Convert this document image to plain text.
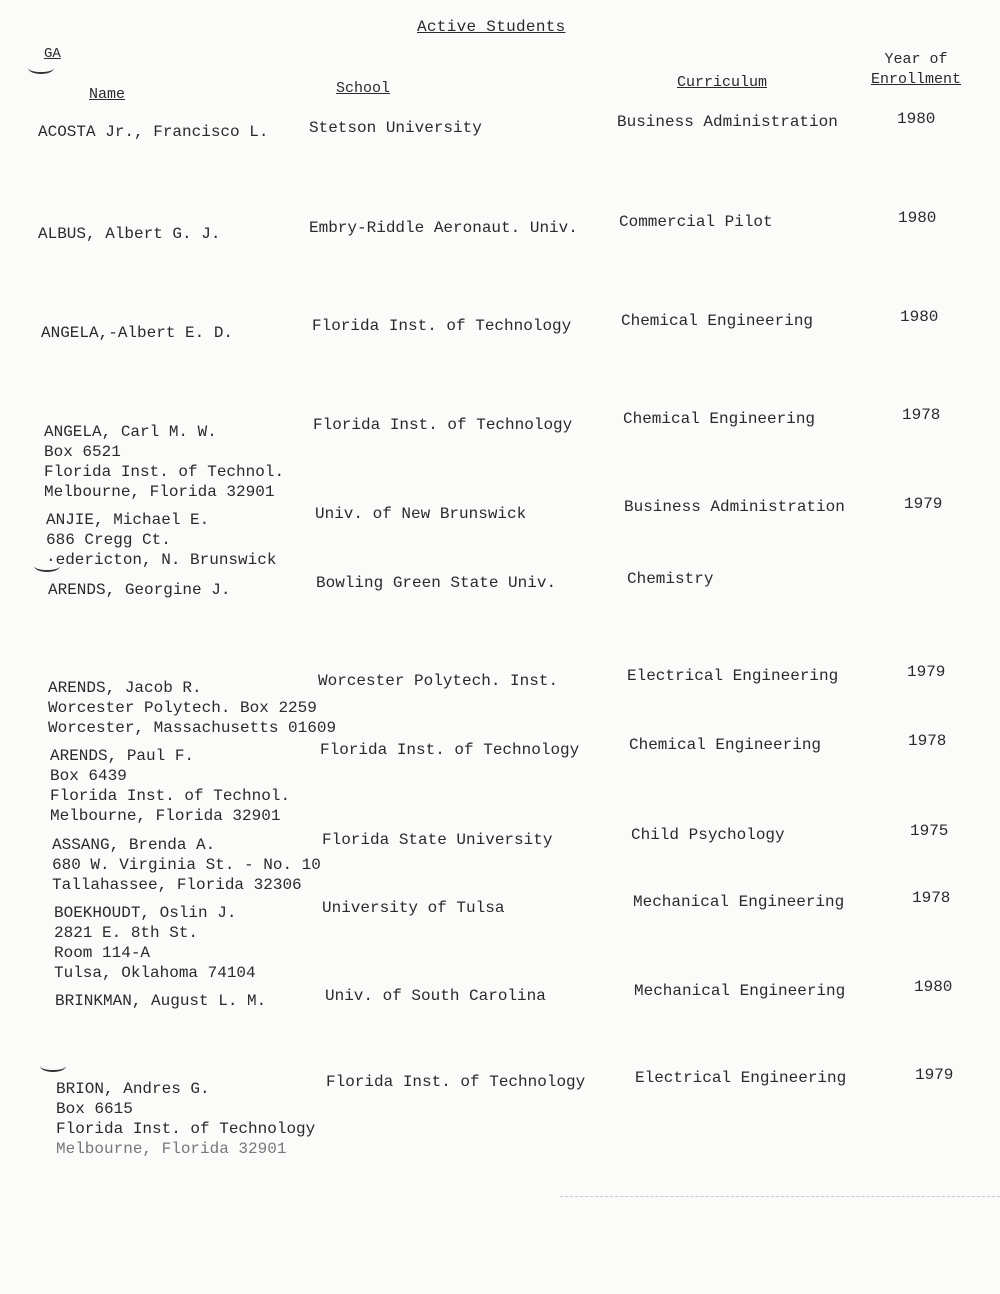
Active Students
GA
Name	School	Curriculum
Year of
Enrollment
ACOSTA Jr., Francisco L.	Stetson University	Business Administration	1980
ALBUS, Albert G. J.	Embry-Riddle Aeronaut. Univ.	Commercial Pilot	1980
ANGELA,-Albert E. D.	Florida Inst. of Technology	Chemical Engineering	1980
ANGELA, Carl M. W.
Box 6521
Florida Inst. of Technol.
Melbourne, Florida 32901
Florida Inst. of Technology	Chemical Engineering	1978
ANJIE, Michael E.
686 Cregg Ct.
·edericton, N. Brunswick
Univ. of New Brunswick	Business Administration	1979
ARENDS, Georgine J.	Bowling Green State Univ.	Chemistry
ARENDS, Jacob R.
Worcester Polytech. Box 2259
Worcester, Massachusetts 01609
Worcester Polytech. Inst.	Electrical Engineering	1979
ARENDS, Paul F.
Box 6439
Florida Inst. of Technol.
Melbourne, Florida 32901
Florida Inst. of Technology	Chemical Engineering	1978
ASSANG, Brenda A.
680 W. Virginia St. - No. 10
Tallahassee, Florida 32306
Florida State University	Child Psychology	1975
BOEKHOUDT, Oslin J.
2821 E. 8th St.
Room 114-A
Tulsa, Oklahoma 74104
University of Tulsa	Mechanical Engineering	1978
BRINKMAN, August L. M.	Univ. of South Carolina	Mechanical Engineering	1980
BRION, Andres G.
Box 6615
Florida Inst. of Technology
Melbourne, Florida 32901
Florida Inst. of Technology	Electrical Engineering	1979
